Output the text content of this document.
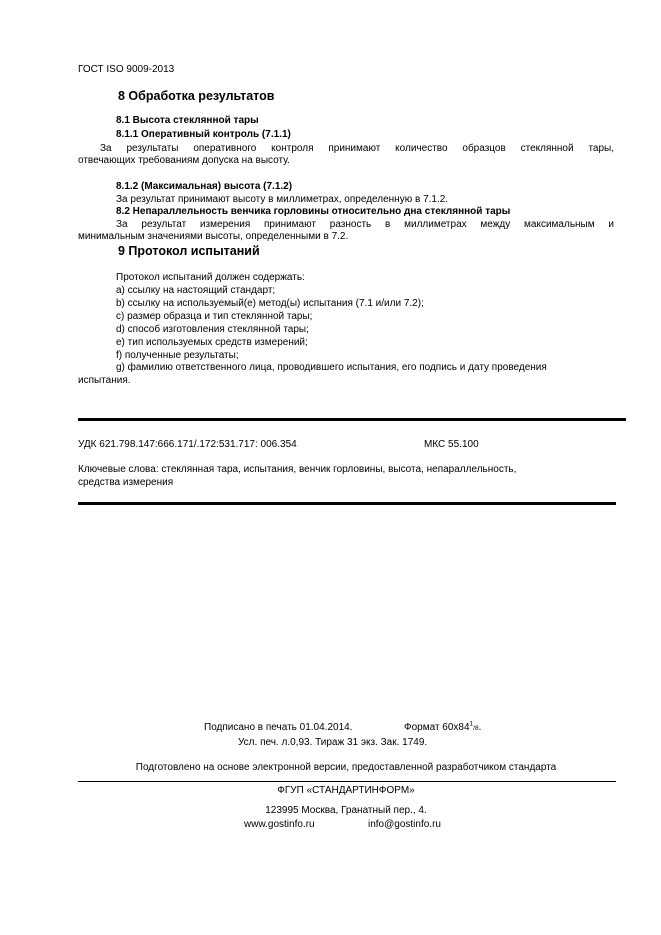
ГОСТ ISO 9009-2013
8 Обработка результатов
8.1 Высота стеклянной тары
8.1.1 Оперативный контроль (7.1.1)
За результаты оперативного контроля принимают количество образцов стеклянной тары,
отвечающих требованиям допуска на высоту.
8.1.2 (Максимальная) высота (7.1.2)
За результат принимают высоту в миллиметрах, определенную в 7.1.2.
8.2 Непараллельность венчика горловины относительно дна стеклянной тары
За результат измерения принимают разность в миллиметрах между максимальным и
минимальным значениями высоты, определенными в 7.2.
9 Протокол испытаний
Протокол испытаний должен содержать:
a) ссылку на настоящий стандарт;
b) ссылку на используемый(е) метод(ы) испытания (7.1 и/или 7.2);
c) размер образца и тип стеклянной тары;
d) способ изготовления стеклянной тары;
e) тип используемых средств измерений;
f) полученные результаты;
g) фамилию ответственного лица, проводившего испытания, его подпись и дату проведения
испытания.
УДК 621.798.147:666.171/.172:531.717: 006.354	МКС 55.100
Ключевые слова: стеклянная тара, испытания, венчик горловины, высота, непараллельность,
средства измерения
Подписано в печать 01.04.2014.	Формат $60x84^1/8$.
Усл. печ. л.0,93. Тираж 31 экз. Зак. 1749.
Подготовлено на основе электронной версии, предоставленной разработчиком стандарта
ФГУП «СТАНДАРТИНФОРМ»
123995 Москва, Гранатный пер., 4.
www.gostinfo.ru	info@gostinfo.ru
